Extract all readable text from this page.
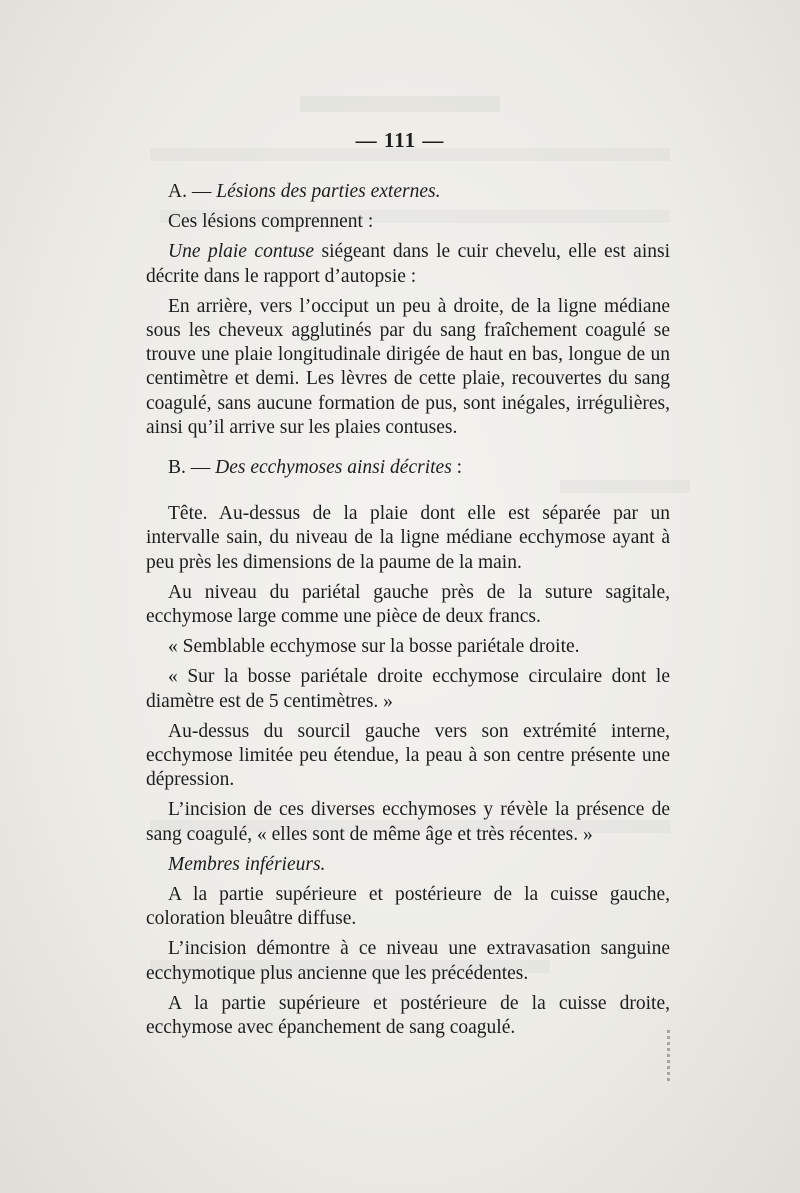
— 111 —

A. — Lésions des parties externes.

Ces lésions comprennent :

Une plaie contuse siégeant dans le cuir chevelu, elle est ainsi décrite dans le rapport d’autopsie :

En arrière, vers l’occiput un peu à droite, de la ligne médiane sous les cheveux agglutinés par du sang fraîchement coagulé se trouve une plaie longitudinale dirigée de haut en bas, longue de un centimètre et demi. Les lèvres de cette plaie, recouvertes du sang coagulé, sans aucune formation de pus, sont inégales, irrégulières, ainsi qu’il arrive sur les plaies contuses.

B. — Des ecchymoses ainsi décrites :

Tête. Au-dessus de la plaie dont elle est séparée par un intervalle sain, du niveau de la ligne médiane ecchymose ayant à peu près les dimensions de la paume de la main.

Au niveau du pariétal gauche près de la suture sagitale, ecchymose large comme une pièce de deux francs.

« Semblable ecchymose sur la bosse pariétale droite.

« Sur la bosse pariétale droite ecchymose circulaire dont le diamètre est de 5 centimètres. »

Au-dessus du sourcil gauche vers son extrémité interne, ecchymose limitée peu étendue, la peau à son centre présente une dépression.

L’incision de ces diverses ecchymoses y révèle la présence de sang coagulé, « elles sont de même âge et très récentes. »

Membres inférieurs.

A la partie supérieure et postérieure de la cuisse gauche, coloration bleuâtre diffuse.

L’incision démontre à ce niveau une extravasation sanguine ecchymotique plus ancienne que les précédentes.

A la partie supérieure et postérieure de la cuisse droite, ecchymose avec épanchement de sang coagulé.
